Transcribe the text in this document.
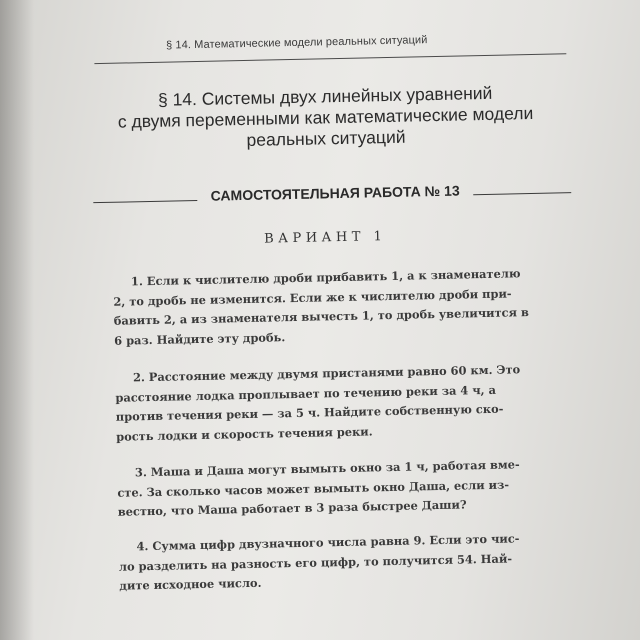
§ 14. Математические модели реальных ситуаций
§ 14. Системы двух линейных уравнений
с двумя переменными как математические модели
реальных ситуаций
САМОСТОЯТЕЛЬНАЯ РАБОТА № 13
ВАРИАНТ 1
1. Если к числителю дроби прибавить 1, а к знаменателю
2, то дробь не изменится. Если же к числителю дроби при-
бавить 2, а из знаменателя вычесть 1, то дробь увеличится в
6 раз. Найдите эту дробь.
2. Расстояние между двумя пристанями равно 60 км. Это
расстояние лодка проплывает по течению реки за 4 ч, а
против течения реки — за 5 ч. Найдите собственную ско-
рость лодки и скорость течения реки.
3. Маша и Даша могут вымыть окно за 1 ч, работая вме-
сте. За сколько часов может вымыть окно Даша, если из-
вестно, что Маша работает в 3 раза быстрее Даши?
4. Сумма цифр двузначного числа равна 9. Если это чис-
ло разделить на разность его цифр, то получится 54. Най-
дите исходное число.
